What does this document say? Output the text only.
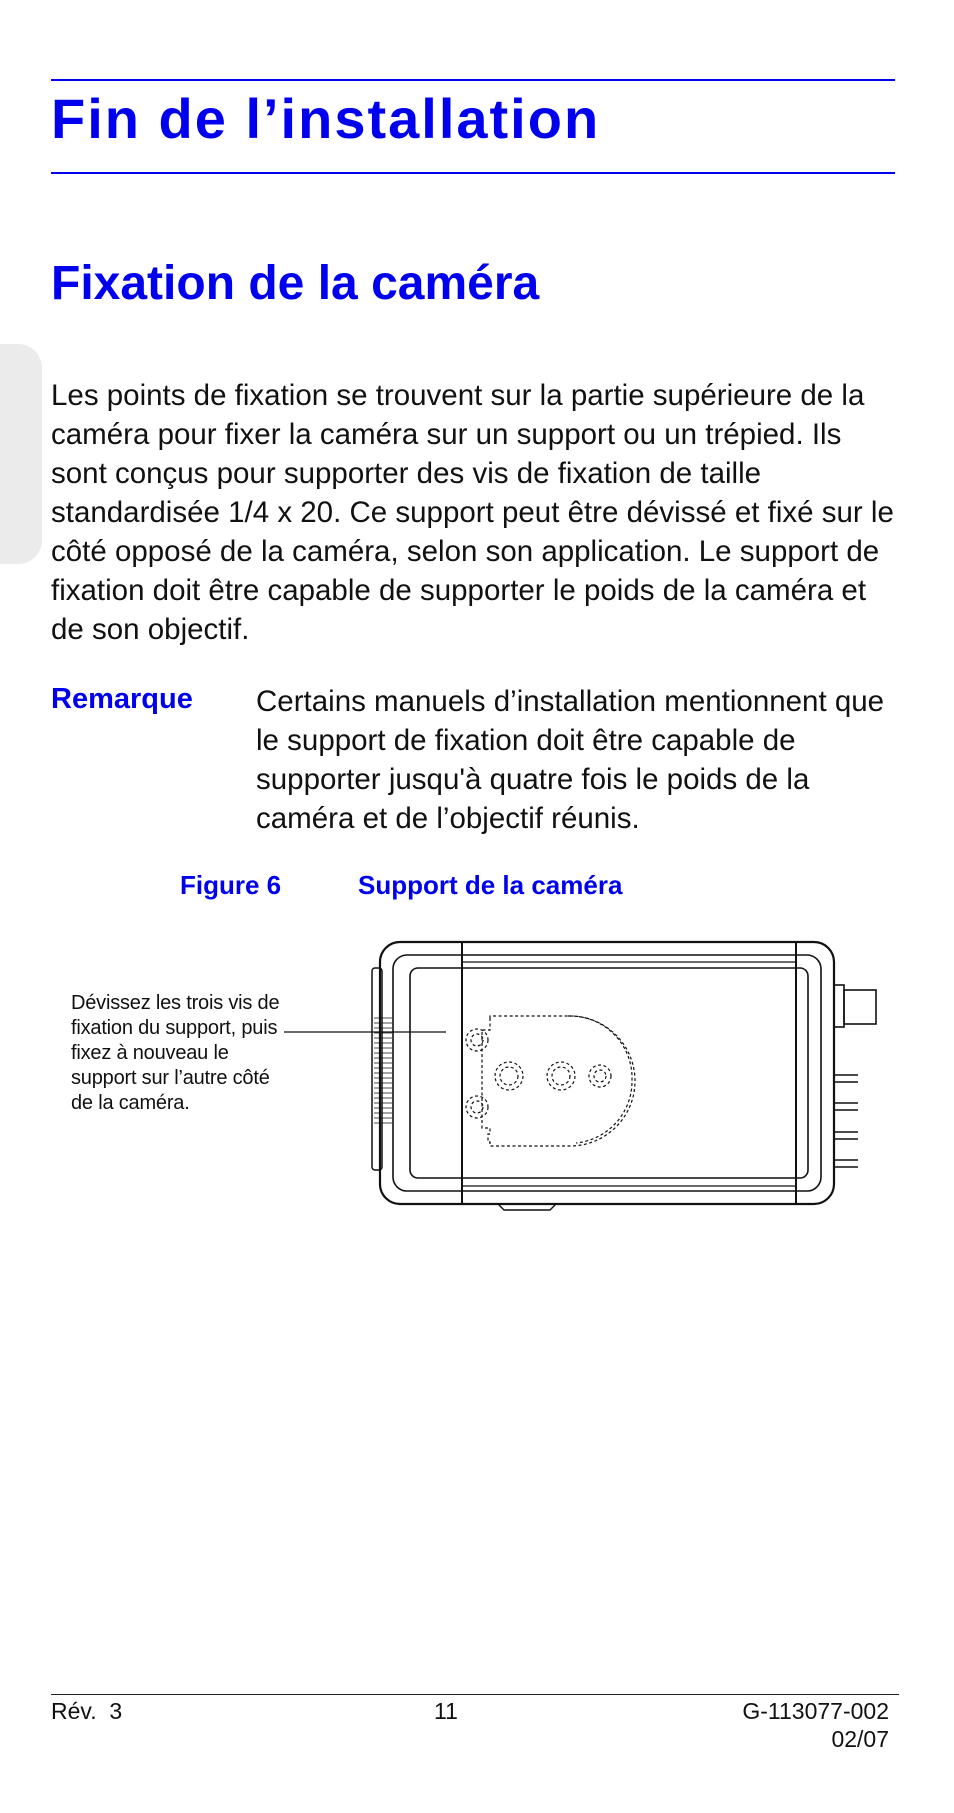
Fin de l’installation
Fixation de la caméra

Les points de fixation se trouvent sur la partie supérieure de la caméra pour fixer la caméra sur un support ou un trépied. Ils sont conçus pour supporter des vis de fixation de taille standardisée 1/4 x 20. Ce support peut être dévissé et fixé sur le côté opposé de la caméra, selon son application. Le support de fixation doit être capable de supporter le poids de la caméra et de son objectif.

Remarque Certains manuels d’installation mentionnent que le support de fixation doit être capable de supporter jusqu'à quatre fois le poids de la caméra et de l’objectif réunis.

Figure 6	Support de la caméra

Dévissez les trois vis de fixation du support, puis fixez à nouveau le support sur l’autre côté de la caméra.

Rév.  3	11	G-113077-002
02/07
